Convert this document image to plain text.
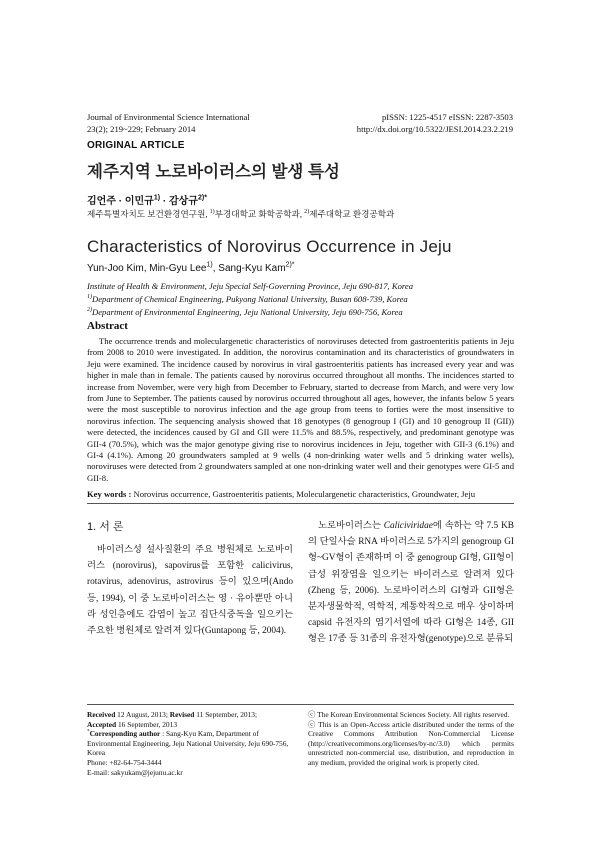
Journal of Environmental Science International
23(2); 219~229; February 2014
pISSN: 1225-4517 eISSN: 2287-3503
http://dx.doi.org/10.5322/JESI.2014.23.2.219
ORIGINAL ARTICLE
제주지역 노로바이러스의 발생 특성
김언주 · 이민규$^{1)}$ · 감상규$^{2)*}$
제주특별자치도 보건환경연구원, $^{1)}$부경대학교 화학공학과, $^{2)}$제주대학교 환경공학과
Characteristics of Norovirus Occurrence in Jeju
Yun-Joo Kim, Min-Gyu Lee$^{1)}$, Sang-Kyu Kam$^{2)*}$
Institute of Health & Environment, Jeju Special Self-Governing Province, Jeju 690-817, Korea
$^{1)}$Department of Chemical Engineering, Pukyong National University, Busan 608-739, Korea
$^{2)}$Department of Environmental Engineering, Jeju National University, Jeju 690-756, Korea
Abstract

The occurrence trends and moleculargenetic characteristics of noroviruses detected from gastroenteritis patients in Jeju from 2008 to 2010 were investigated. In addition, the norovirus contamination and its characteristics of groundwaters in Jeju were examined. The incidence caused by norovirus in viral gastroenteritis patients has increased every year and was higher in male than in female. The patients caused by norovirus occurred throughout all months. The incidences started to increase from November, were very high from December to February, started to decrease from March, and were very low from June to September. The patients caused by norovirus occurred throughout all ages, however, the infants below 5 years were the most susceptible to norovirus infection and the age group from teens to forties were the most insensitive to norovirus infection. The sequencing analysis showed that 18 genotypes (8 genogroup I (GI) and 10 genogroup II (GII)) were detected, the incidences caused by GI and GII were 11.5% and 88.5%, respectively, and predominant genotype was GII-4 (70.5%), which was the major genotype giving rise to norovirus incidences in Jeju, together with GII-3 (6.1%) and GI-4 (4.1%). Among 20 groundwaters sampled at 9 wells (4 non-drinking water wells and 5 drinking water wells), noroviruses were detected from 2 groundwaters sampled at one non-drinking water well and their genotypes were GI-5 and GII-8.

Key words : Norovirus occurrence, Gastroenteritis patients, Moleculargenetic characteristics, Groundwater, Jeju
1. 서 론

바이러스성 설사질환의 주요 병원체로 노로바이러스 (norovirus), sapovirus를 포함한 calicivirus, rotavirus, adenovirus, astrovirus 등이 있으며(Ando 등, 1994), 이 중 노로바이러스는 영 · 유아뿐만 아니라 성인층에도 감염이 높고 집단식중독을 일으키는 주요한 병원체로 알려져 있다(Guntapong 등, 2004).

노로바이러스는 Caliciviridae에 속하는 약 7.5 KB의 단일사슬 RNA 바이러스로 5가지의 genogroup GI형~GV형이 존재하며 이 중 genogroup GI형, GII형이 급성 위장염을 일으키는 바이러스로 알려져 있다(Zheng 등, 2006). 노로바이러스의 GI형과 GII형은 분자생물학적, 역학적, 계통학적으로 매우 상이하며 capsid 유전자의 염기서열에 따라 GI형은 14종, GII형은 17종 등 31종의 유전자형(genotype)으로 분류되

Received 12 August, 2013; Revised 11 September, 2013;
Accepted 16 September, 2013
*Corresponding author : Sang-Kyu Kam, Department of Environmental Engineering, Jeju National University, Jeju 690-756, Korea
Phone: +82-64-754-3444
E-mail: sakyukam@jejunu.ac.kr
ⓒ The Korean Environmental Sciences Society. All rights reserved.
ⓒ This is an Open-Access article distributed under the terms of the Creative Commons Attribution Non-Commercial License (http://creativecommons.org/licenses/by-nc/3.0) which permits unrestricted non-commercial use, distribution, and reproduction in any medium, provided the original work is properly cited.
